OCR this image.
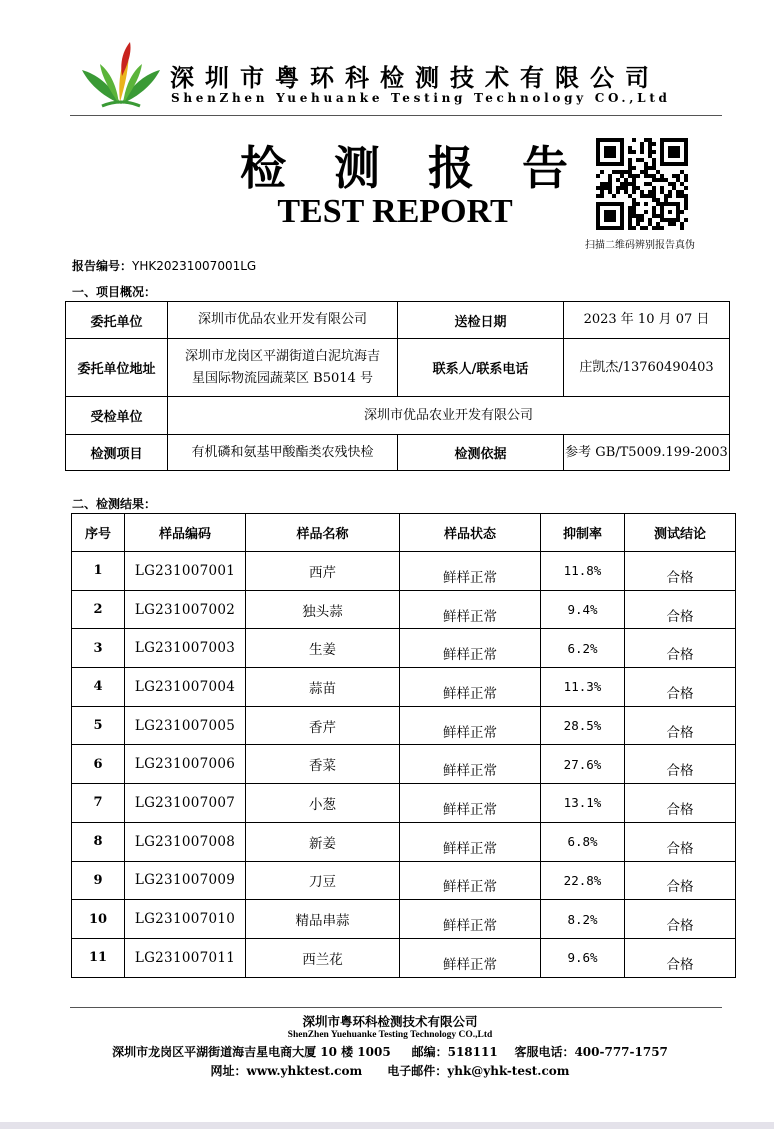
深圳市粤环科检测技术有限公司
ShenZhen Yuehuanke Testing Technology CO.,Ltd
检 测 报 告
TEST REPORT
扫描二维码辨别报告真伪
报告编号：YHK20231007001LG
一、项目概况：
委托单位	深圳市优品农业开发有限公司	送检日期	2023 年 10 月 07 日
委托单位地址	深圳市龙岗区平湖街道白泥坑海吉
星国际物流园蔬菜区 B5014 号	联系人/联系电话	庄凯杰/13760490403
受检单位	深圳市优品农业开发有限公司		
检测项目	有机磷和氨基甲酸酯类农残快检	检测依据	参考 GB/T5009.199-2003
二、检测结果：
序号	样品编码	样品名称	样品状态	抑制率	测试结论
1	LG231007001	西芹	鲜样正常	11.8%	合格
2	LG231007002	独头蒜	鲜样正常	9.4%	合格
3	LG231007003	生姜	鲜样正常	6.2%	合格
4	LG231007004	蒜苗	鲜样正常	11.3%	合格
5	LG231007005	香芹	鲜样正常	28.5%	合格
6	LG231007006	香菜	鲜样正常	27.6%	合格
7	LG231007007	小葱	鲜样正常	13.1%	合格
8	LG231007008	新姜	鲜样正常	6.8%	合格
9	LG231007009	刀豆	鲜样正常	22.8%	合格
10	LG231007010	精品串蒜	鲜样正常	8.2%	合格
11	LG231007011	西兰花	鲜样正常	9.6%	合格
深圳市粤环科检测技术有限公司
ShenZhen Yuehuanke Testing Technology CO.,Ltd
深圳市龙岗区平湖街道海吉星电商大厦 10 楼 1005 邮编：518111 客服电话：400-777-1757
网址：www.yhktest.com 电子邮件：yhk@yhk-test.com
